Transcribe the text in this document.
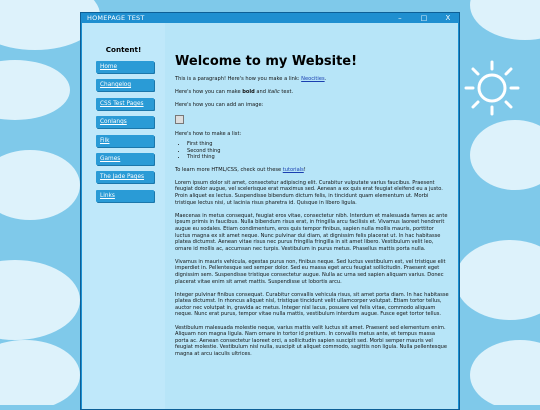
HOMEPAGE TEST	–	□	X
Content!
Home
Changelog
CSS Test Pages
Conlangs
Filk
Games
The Jade Pages
Links
Welcome to my Website!

This is a paragraph! Here's how you make a link: Neocities.

Here's how you can make bold and italic text.

Here's how you can add an image:

Here's how to make a list:

• First thing
• Second thing
• Third thing

To learn more HTML/CSS, check out these tutorials!

Lorem ipsum dolor sit amet, consectetur adipiscing elit. Curabitur vulputate varius faucibus. Praesent feugiat dolor augue, vel scelerisque erat maximus sed. Aenean a ex quis erat feugiat eleifend eu a justo. Proin aliquet ex lectus. Suspendisse bibendum dictum felis, in tincidunt quam elementum ut. Morbi tristique lectus nisi, ut lacinia risus pharetra id. Quisque in libero ligula.

Maecenas in metus consequat, feugiat eros vitae, consectetur nibh. Interdum et malesuada fames ac ante ipsum primis in faucibus. Nulla bibendum risus erat, in fringilla arcu facilisis et. Vivamus laoreet hendrerit augue eu sodales. Etiam condimentum, eros quis tempor finibus, sapien nulla mollis mauris, porttitor luctus magna ex sit amet neque. Nunc pulvinar dui diam, at dignissim felis placerat ut. In hac habitasse platea dictumst. Aenean vitae risus nec purus fringilla fringilla in sit amet libero. Vestibulum velit leo, ornare id mollis ac, accumsan nec turpis. Vestibulum in purus metus. Phasellus mattis porta nulla.

Vivamus in mauris vehicula, egestas purus non, finibus neque. Sed luctus vestibulum est, vel tristique elit imperdiet in. Pellentesque sed semper dolor. Sed eu massa eget arcu feugiat sollicitudin. Praesent eget dignissim sem. Suspendisse tristique consectetur augue. Nulla ac urna sed sapien aliquam varius. Donec placerat vitae enim sit amet mattis. Suspendisse ut lobortis arcu.

Integer pulvinar finibus consequat. Curabitur convallis vehicula risus, sit amet porta diam. In hac habitasse platea dictumst. In rhoncus aliquet nisl, tristique tincidunt velit ullamcorper volutpat. Etiam tortor tellus, auctor nec volutpat in, gravida ac metus. Integer nisl lacus, posuere vel felis vitae, commodo aliquam neque. Nunc erat purus, tempor vitae nulla mattis, vestibulum interdum augue. Fusce eget tortor tellus.

Vestibulum malesuada molestie neque, varius mattis velit luctus sit amet. Praesent sed elementum enim. Aliquam non magna ligula. Nam ornare in tortor id pretium. In convallis metus ante, et tempus massa porta ac. Aenean consectetur laoreet orci, a sollicitudin sapien suscipit sed. Morbi semper mauris vel feugiat molestie. Vestibulum nisl nulla, suscipit ut aliquet commodo, sagittis non ligula. Nulla pellentesque magna at arcu iaculis ultrices.
